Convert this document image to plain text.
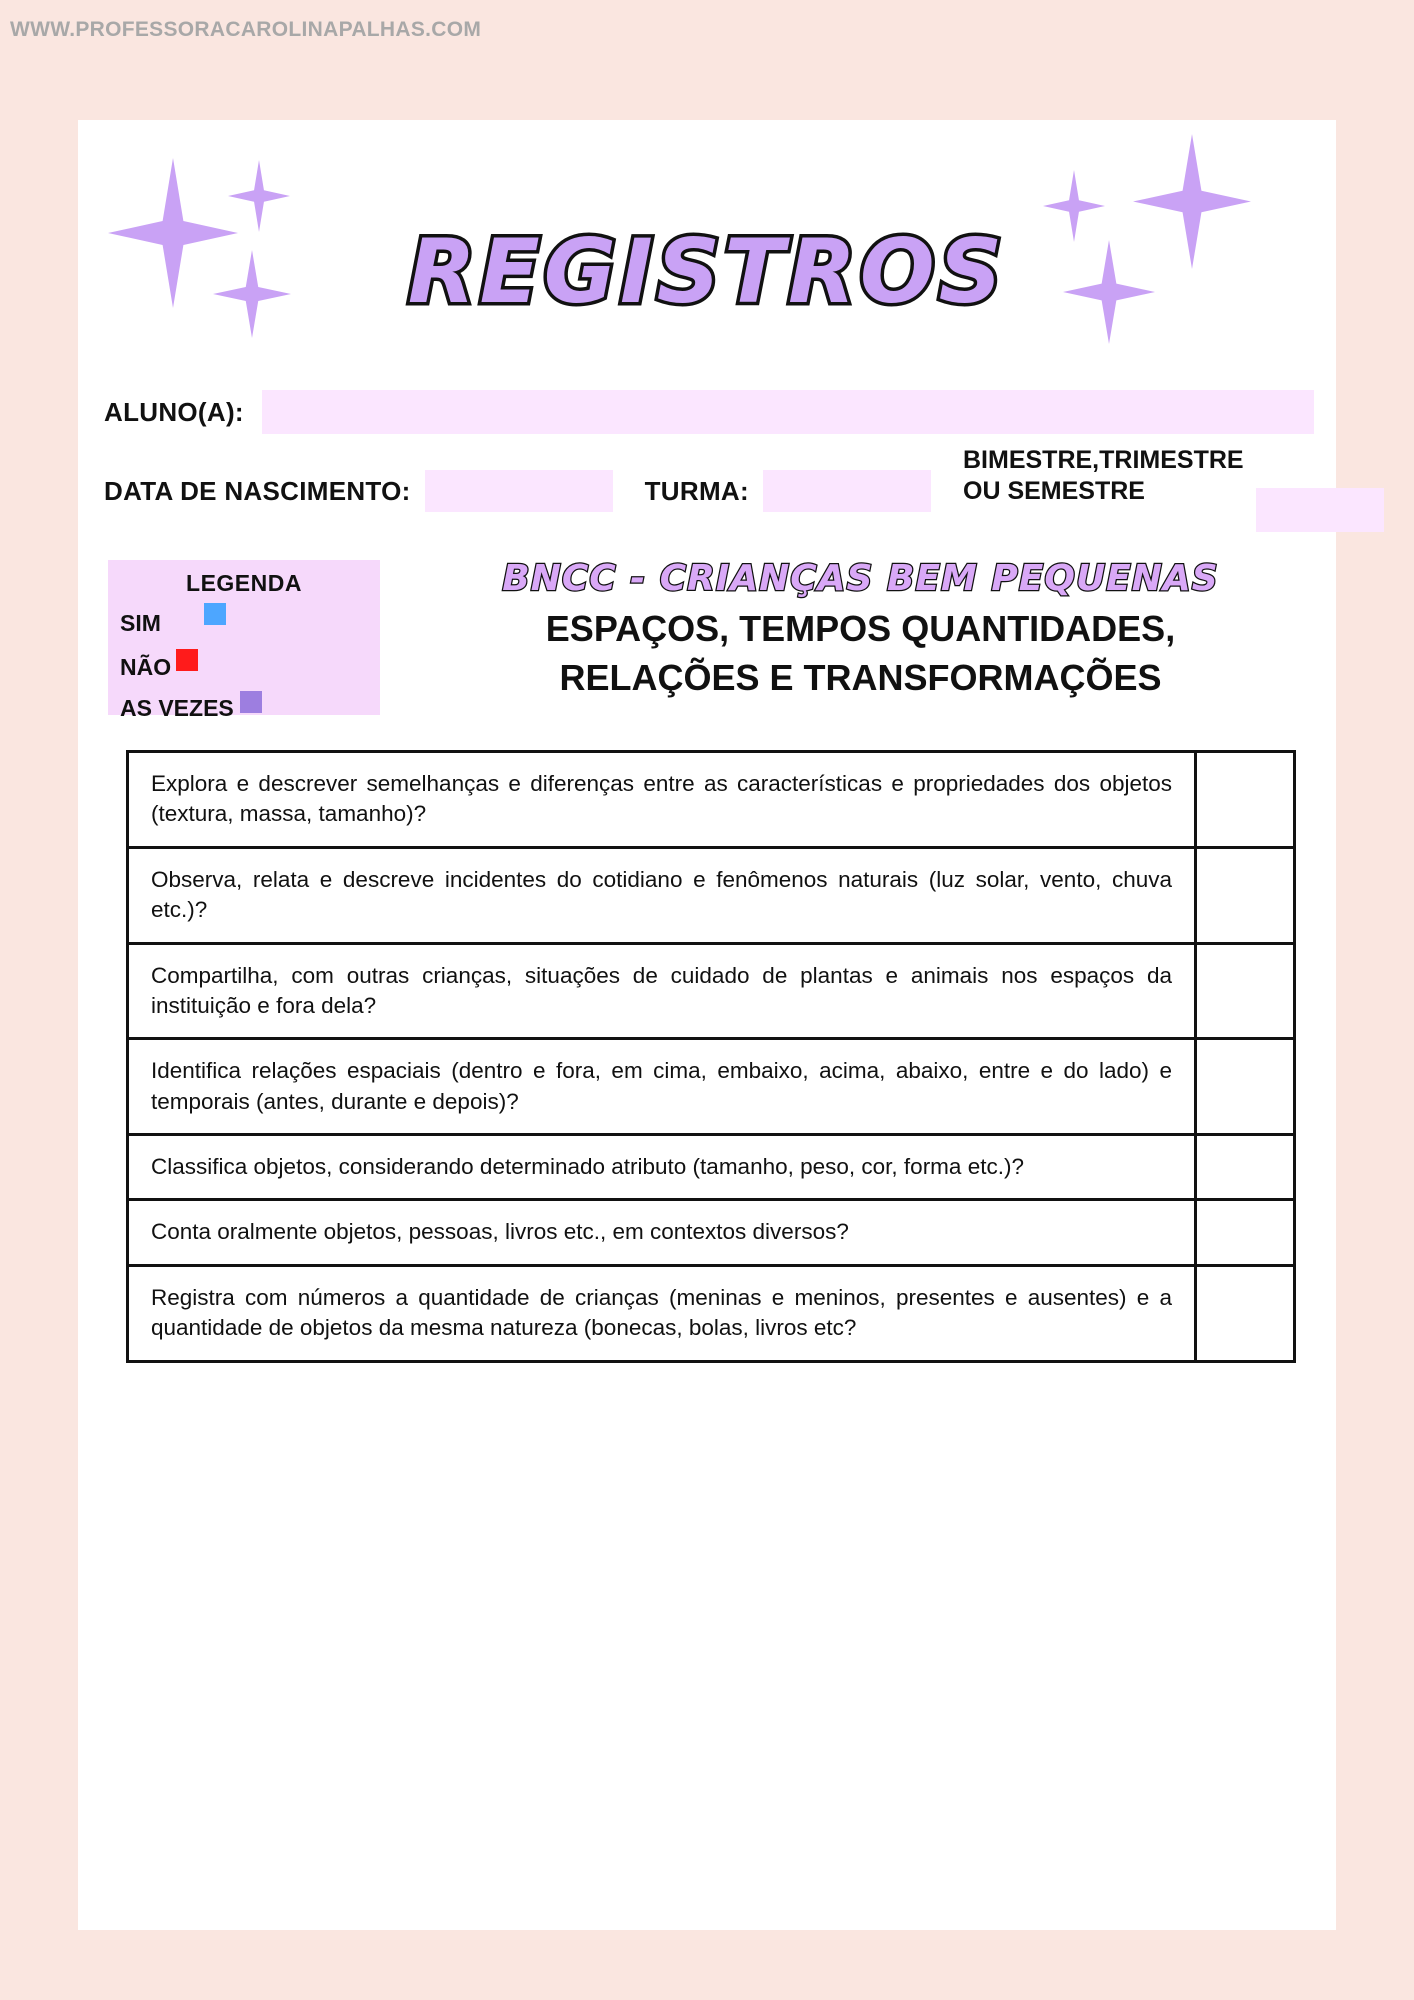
WWW.PROFESSORACAROLINAPALHAS.COM
REGISTROS
ALUNO(A):
DATA DE NASCIMENTO:	TURMA:
BIMESTRE,TRIMESTRE
OU SEMESTRE
LEGENDA
SIM
NÃO
AS VEZES
BNCC - CRIANÇAS BEM PEQUENAS
ESPAÇOS, TEMPOS QUANTIDADES,
RELAÇÕES E TRANSFORMAÇÕES
Explora e descrever semelhanças e diferenças entre as características e propriedades dos objetos (textura, massa, tamanho)?	
Observa, relata e descreve incidentes do cotidiano e fenômenos naturais (luz solar, vento, chuva etc.)?	
Compartilha, com outras crianças, situações de cuidado de plantas e animais nos espaços da instituição e fora dela?	
Identifica relações espaciais (dentro e fora, em cima, embaixo, acima, abaixo, entre e do lado) e temporais (antes, durante e depois)?	
Classifica objetos, considerando determinado atributo (tamanho, peso, cor, forma etc.)?	
Conta oralmente objetos, pessoas, livros etc., em contextos diversos?	
Registra com números a quantidade de crianças (meninas e meninos, presentes e ausentes) e a quantidade de objetos da mesma natureza (bonecas, bolas, livros etc?	
